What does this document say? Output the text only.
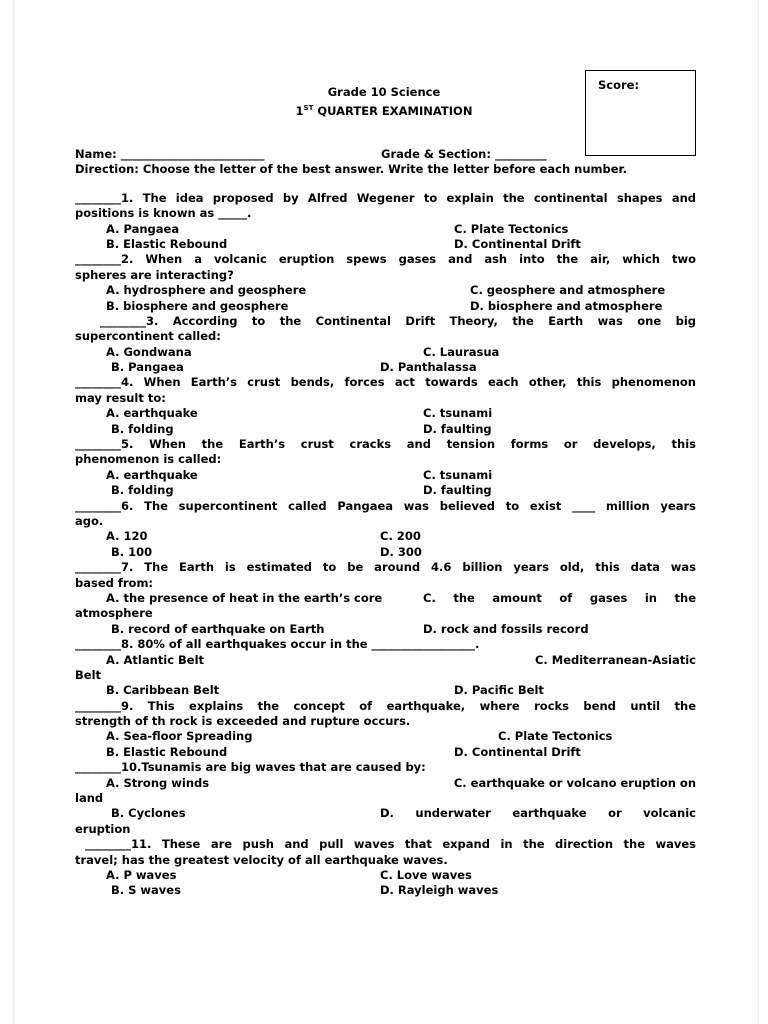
Score:
Grade 10 Science
1ST QUARTER EXAMINATION
Name: _________________________	Grade & Section: _________
Direction: Choose the letter of the best answer. Write the letter before each number.
________1. The idea proposed by Alfred Wegener to explain the continental shapes and
positions is known as _____.
A. Pangaea	C. Plate Tectonics
B. Elastic Rebound	D. Continental Drift
________2. When a volcanic eruption spews gases and ash into the air, which two
spheres are interacting?
A. hydrosphere and geosphere	C. geosphere and atmosphere
B. biosphere and geosphere	D. biosphere and atmosphere
________3. According to the Continental Drift Theory, the Earth was one big
supercontinent called:
A. Gondwana	C. Laurasua
B. Pangaea	D. Panthalassa
________4. When Earth’s crust bends, forces act towards each other, this phenomenon
may result to:
A. earthquake	C. tsunami
B. folding	D. faulting
________5. When the Earth’s crust cracks and tension forms or develops, this
phenomenon is called:
A. earthquake	C. tsunami
B. folding	D. faulting
________6. The supercontinent called Pangaea was believed to exist ____ million years
ago.
A. 120	C. 200
B. 100	D. 300
________7. The Earth is estimated to be around 4.6 billion years old, this data was
based from:
A. the presence of heat in the earth’s core	C. the amount of gases in the
atmosphere
B. record of earthquake on Earth	D. rock and fossils record
________8. 80% of all earthquakes occur in the __________________.
A. Atlantic Belt	C. Mediterranean-Asiatic
Belt
B. Caribbean Belt	D. Pacific Belt
________9. This explains the concept of earthquake, where rocks bend until the
strength of th rock is exceeded and rupture occurs.
A. Sea-floor Spreading	C. Plate Tectonics
B. Elastic Rebound	D. Continental Drift
________10.Tsunamis are big waves that are caused by:
A. Strong winds	C. earthquake or volcano eruption on
land
B. Cyclones	D. underwater earthquake or volcanic
eruption
________11. These are push and pull waves that expand in the direction the waves
travel; has the greatest velocity of all earthquake waves.
A. P waves	C. Love waves
B. S waves	D. Rayleigh waves
